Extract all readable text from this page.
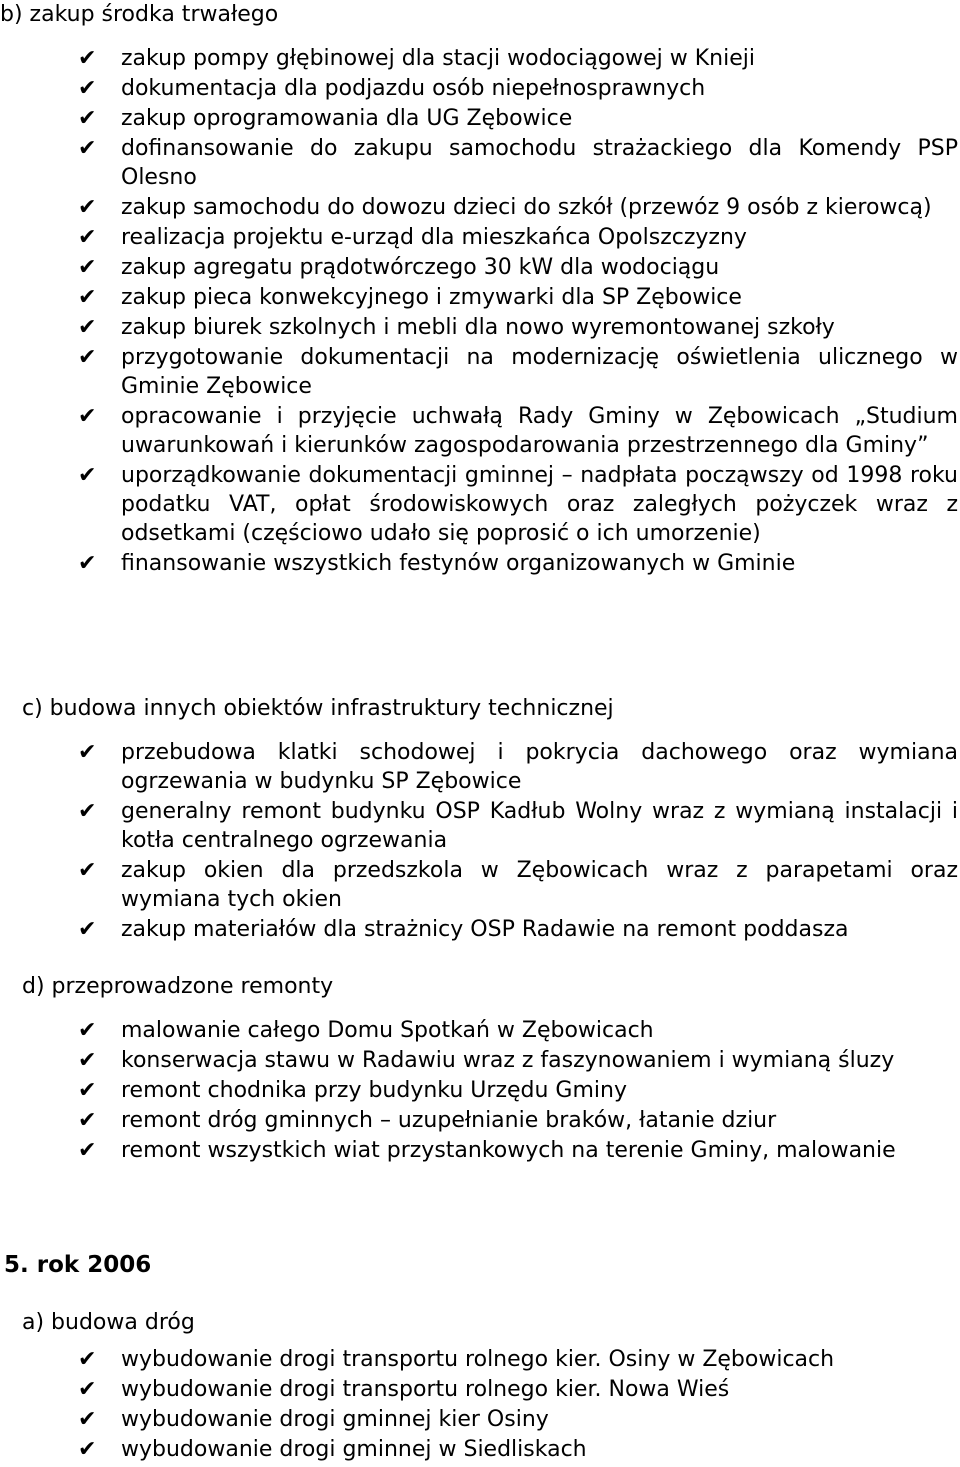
b) zakup środka trwałego
✔ zakup pompy głębinowej dla stacji wodociągowej w Knieji
✔ dokumentacja dla podjazdu osób niepełnosprawnych
✔ zakup oprogramowania dla UG Zębowice
✔ dofinansowanie do zakupu samochodu strażackiego dla Komendy PSP Olesno
✔ zakup samochodu do dowozu dzieci do szkół (przewóz 9 osób z kierowcą)
✔ realizacja projektu e-urząd dla mieszkańca Opolszczyzny
✔ zakup agregatu prądotwórczego 30 kW dla wodociągu
✔ zakup pieca konwekcyjnego i zmywarki dla SP Zębowice
✔ zakup biurek szkolnych i mebli dla nowo wyremontowanej szkoły
✔ przygotowanie dokumentacji na modernizację oświetlenia ulicznego w Gminie Zębowice
✔ opracowanie i przyjęcie uchwałą Rady Gminy w Zębowicach „Studium uwarunkowań i kierunków zagospodarowania przestrzennego dla Gminy”
✔ uporządkowanie dokumentacji gminnej – nadpłata począwszy od 1998 roku podatku VAT, opłat środowiskowych oraz zaległych pożyczek wraz z odsetkami (częściowo udało się poprosić o ich umorzenie)
✔ finansowanie wszystkich festynów organizowanych w Gminie
c) budowa innych obiektów infrastruktury technicznej
✔ przebudowa klatki schodowej i pokrycia dachowego oraz wymiana ogrzewania w budynku SP Zębowice
✔ generalny remont budynku OSP Kadłub Wolny wraz z wymianą instalacji i kotła centralnego ogrzewania
✔ zakup okien dla przedszkola w Zębowicach wraz z parapetami oraz wymiana tych okien
✔ zakup materiałów dla strażnicy OSP Radawie na remont poddasza
d) przeprowadzone remonty
✔ malowanie całego Domu Spotkań w Zębowicach
✔ konserwacja stawu w Radawiu wraz z faszynowaniem i wymianą śluzy
✔ remont chodnika przy budynku Urzędu Gminy
✔ remont dróg gminnych – uzupełnianie braków, łatanie dziur
✔ remont wszystkich wiat przystankowych na terenie Gminy, malowanie
5. rok 2006
a) budowa dróg
✔ wybudowanie drogi transportu rolnego kier. Osiny w Zębowicach
✔ wybudowanie drogi transportu rolnego kier. Nowa Wieś
✔ wybudowanie drogi gminnej kier Osiny
✔ wybudowanie drogi gminnej w Siedliskach
